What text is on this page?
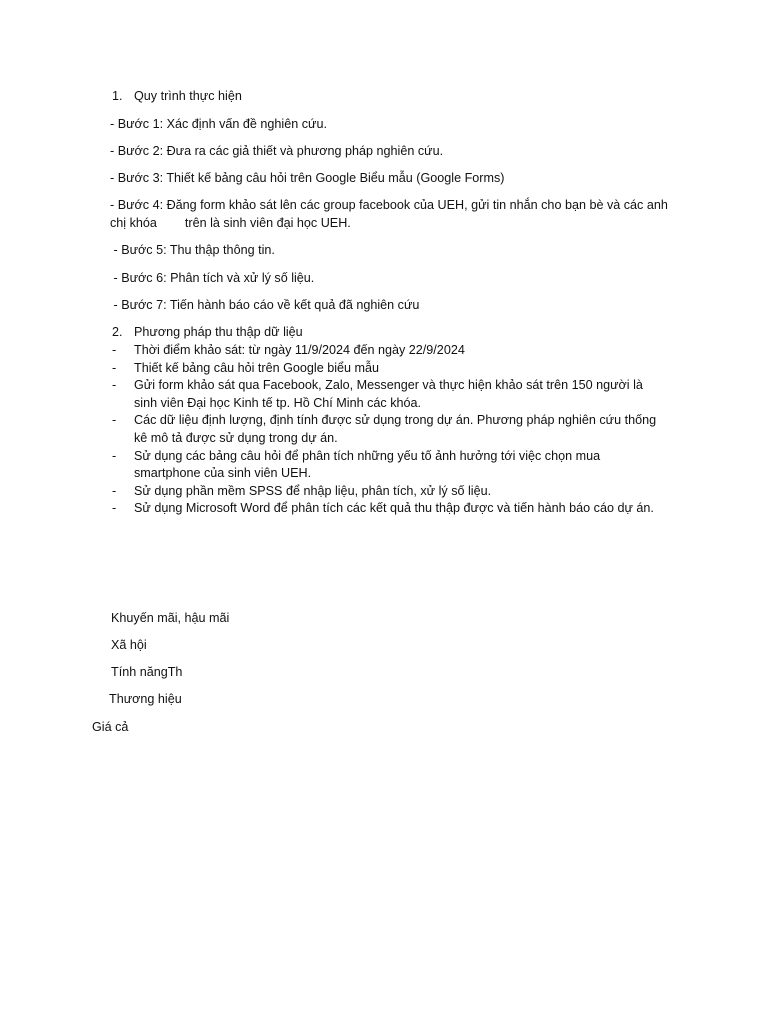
1. Quy trình thực hiện
- Bước 1: Xác định vấn đề nghiên cứu.
- Bước 2: Đưa ra các giả thiết và phương pháp nghiên cứu.
- Bước 3: Thiết kế bảng câu hỏi trên Google Biểu mẫu (Google Forms)
- Bước 4: Đăng form khảo sát lên các group facebook của UEH, gửi tin nhắn cho bạn bè và các anh
chị khóa        trên là sinh viên đại học UEH.
- Bước 5: Thu thập thông tin.
- Bước 6: Phân tích và xử lý số liệu.
- Bước 7: Tiến hành báo cáo về kết quả đã nghiên cứu
2. Phương pháp thu thập dữ liệu
- Thời điểm khảo sát: từ ngày 11/9/2024 đến ngày 22/9/2024
- Thiết kế bảng câu hỏi trên Google biểu mẫu
- Gửi form khảo sát qua Facebook, Zalo, Messenger và thực hiện khảo sát trên 150 người là
sinh viên Đại học Kinh tế tp. Hồ Chí Minh các khóa.
- Các dữ liệu định lượng, định tính được sử dụng trong dự án. Phương pháp nghiên cứu thống
kê mô tả được sử dụng trong dự án.
- Sử dụng các bảng câu hỏi để phân tích những yếu tố ảnh hưởng tới việc chọn mua
smartphone của sinh viên UEH.
- Sử dụng phần mềm SPSS để nhập liệu, phân tích, xử lý số liệu.
- Sử dụng Microsoft Word để phân tích các kết quả thu thập được và tiến hành báo cáo dự án.
Khuyến mãi, hậu mãi
Xã hội
Tính năngTh
Thương hiệu
Giá cả
